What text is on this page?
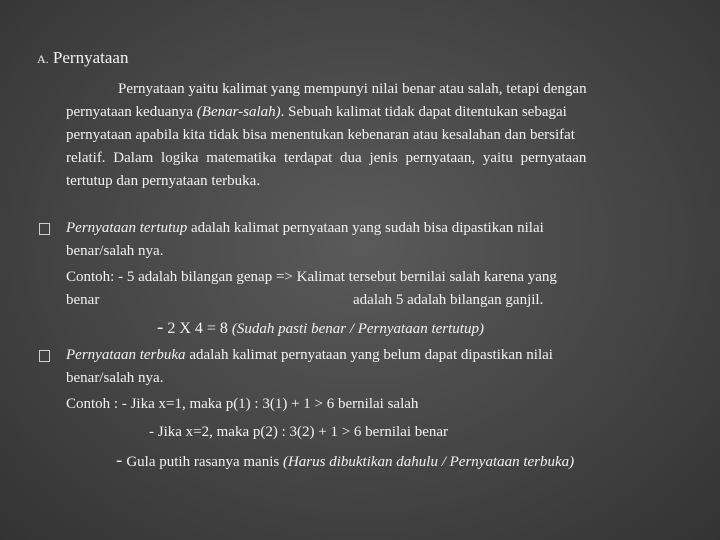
A. Pernyataan
Pernyataan yaitu kalimat yang mempunyi nilai benar atau salah, tetapi dengan
pernyataan keduanya (Benar-salah). Sebuah kalimat tidak dapat ditentukan sebagai
pernyataan apabila kita tidak bisa menentukan kebenaran atau kesalahan dan bersifat
relatif. Dalam logika matematika terdapat dua jenis pernyataan, yaitu pernyataan
tertutup dan pernyataan terbuka.
Pernyataan tertutup adalah kalimat pernyataan yang sudah bisa dipastikan nilai
benar/salah nya.
Contoh: - 5 adalah bilangan genap => Kalimat tersebut bernilai salah karena yang
benar	adalah 5 adalah bilangan ganjil.
- 2 X 4 = 8 (Sudah pasti benar / Pernyataan tertutup)
Pernyataan terbuka adalah kalimat pernyataan yang belum dapat dipastikan nilai
benar/salah nya.
Contoh : - Jika x=1, maka p(1) : 3(1) + 1 > 6 bernilai salah
- Jika x=2, maka p(2) : 3(2) + 1 > 6 bernilai benar
- Gula putih rasanya manis (Harus dibuktikan dahulu / Pernyataan terbuka)
